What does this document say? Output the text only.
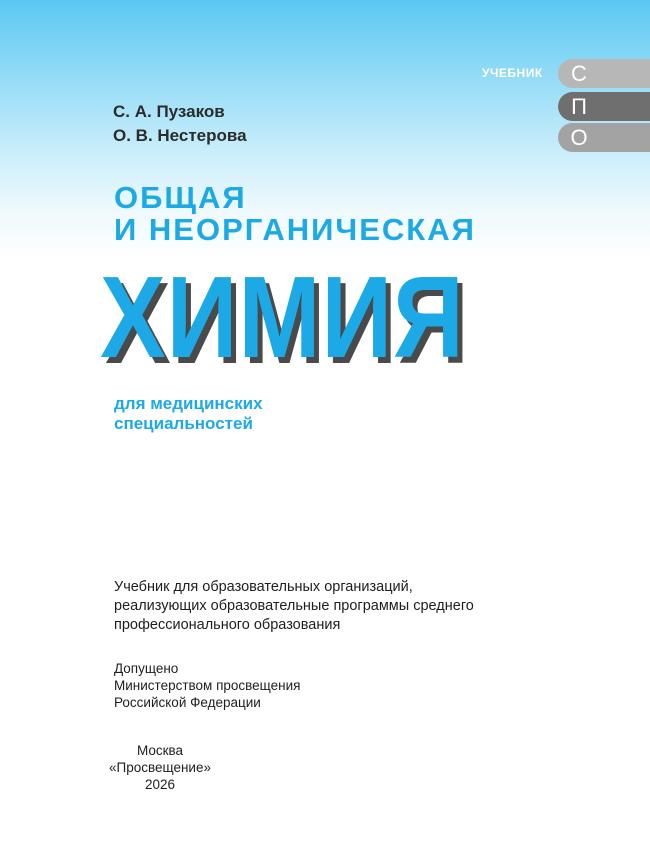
УЧЕБНИК С
П
О
С. А. Пузаков
О. В. Нестерова
ОБЩАЯ
И НЕОРГАНИЧЕСКАЯ
ХИМИЯ
для медицинских
специальностей
Учебник для образовательных организаций,
реализующих образовательные программы среднего
профессионального образования
Допущено
Министерством просвещения
Российской Федерации
Москва
«Просвещение»
2026
